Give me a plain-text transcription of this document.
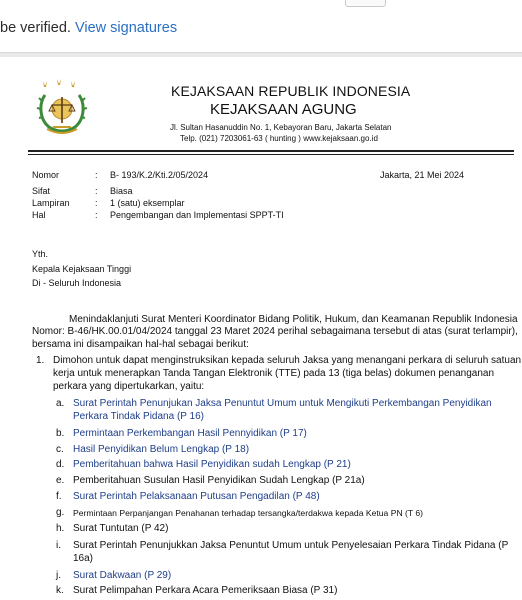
be verified. View signatures
KEJAKSAAN REPUBLIK INDONESIA
KEJAKSAAN AGUNG
Jl. Sultan Hasanuddin No. 1, Kebayoran Baru, Jakarta Selatan
Telp. (021) 7203061-63 ( hunting ) www.kejaksaan.go.id
Nomor	: B- 193/K.2/Kti.2/05/2024	Jakarta, 21 Mei 2024
Sifat	: Biasa
Lampiran	: 1 (satu) eksemplar
Hal	: Pengembangan dan Implementasi SPPT-TI
Yth.
Kepala Kejaksaan Tinggi
Di - Seluruh Indonesia
Menindaklanjuti Surat Menteri Koordinator Bidang Politik, Hukum, dan Keamanan Republik Indonesia
Nomor: B-46/HK.00.01/04/2024 tanggal 23 Maret 2024 perihal sebagaimana tersebut di atas (surat terlampir),
bersama ini disampaikan hal-hal sebagai berikut:
1. Dimohon untuk dapat menginstruksikan kepada seluruh Jaksa yang menangani perkara di seluruh satuan
kerja untuk menerapkan Tanda Tangan Elektronik (TTE) pada 13 (tiga belas) dokumen penanganan
perkara yang dipertukarkan, yaitu:
a. Surat Perintah Penunjukan Jaksa Penuntut Umum untuk Mengikuti Perkembangan Penyidikan
Perkara Tindak Pidana (P 16)
b. Permintaan Perkembangan Hasil Pennyidikan (P 17)
c. Hasil Penyidikan Belum Lengkap (P 18)
d. Pemberitahuan bahwa Hasil Penyidikan sudah Lengkap (P 21)
e. Pemberitahuan Susulan Hasil Penyidikan Sudah Lengkap (P 21a)
f. Surat Perintah Pelaksanaan Putusan Pengadilan (P 48)
g. Permintaan Perpanjangan Penahanan terhadap tersangka/terdakwa kepada Ketua PN (T 6)
h. Surat Tuntutan (P 42)
i. Surat Perintah Penunjukkan Jaksa Penuntut Umum untuk Penyelesaian Perkara Tindak Pidana (P
16a)
j. Surat Dakwaan (P 29)
k. Surat Pelimpahan Perkara Acara Pemeriksaan Biasa (P 31)
